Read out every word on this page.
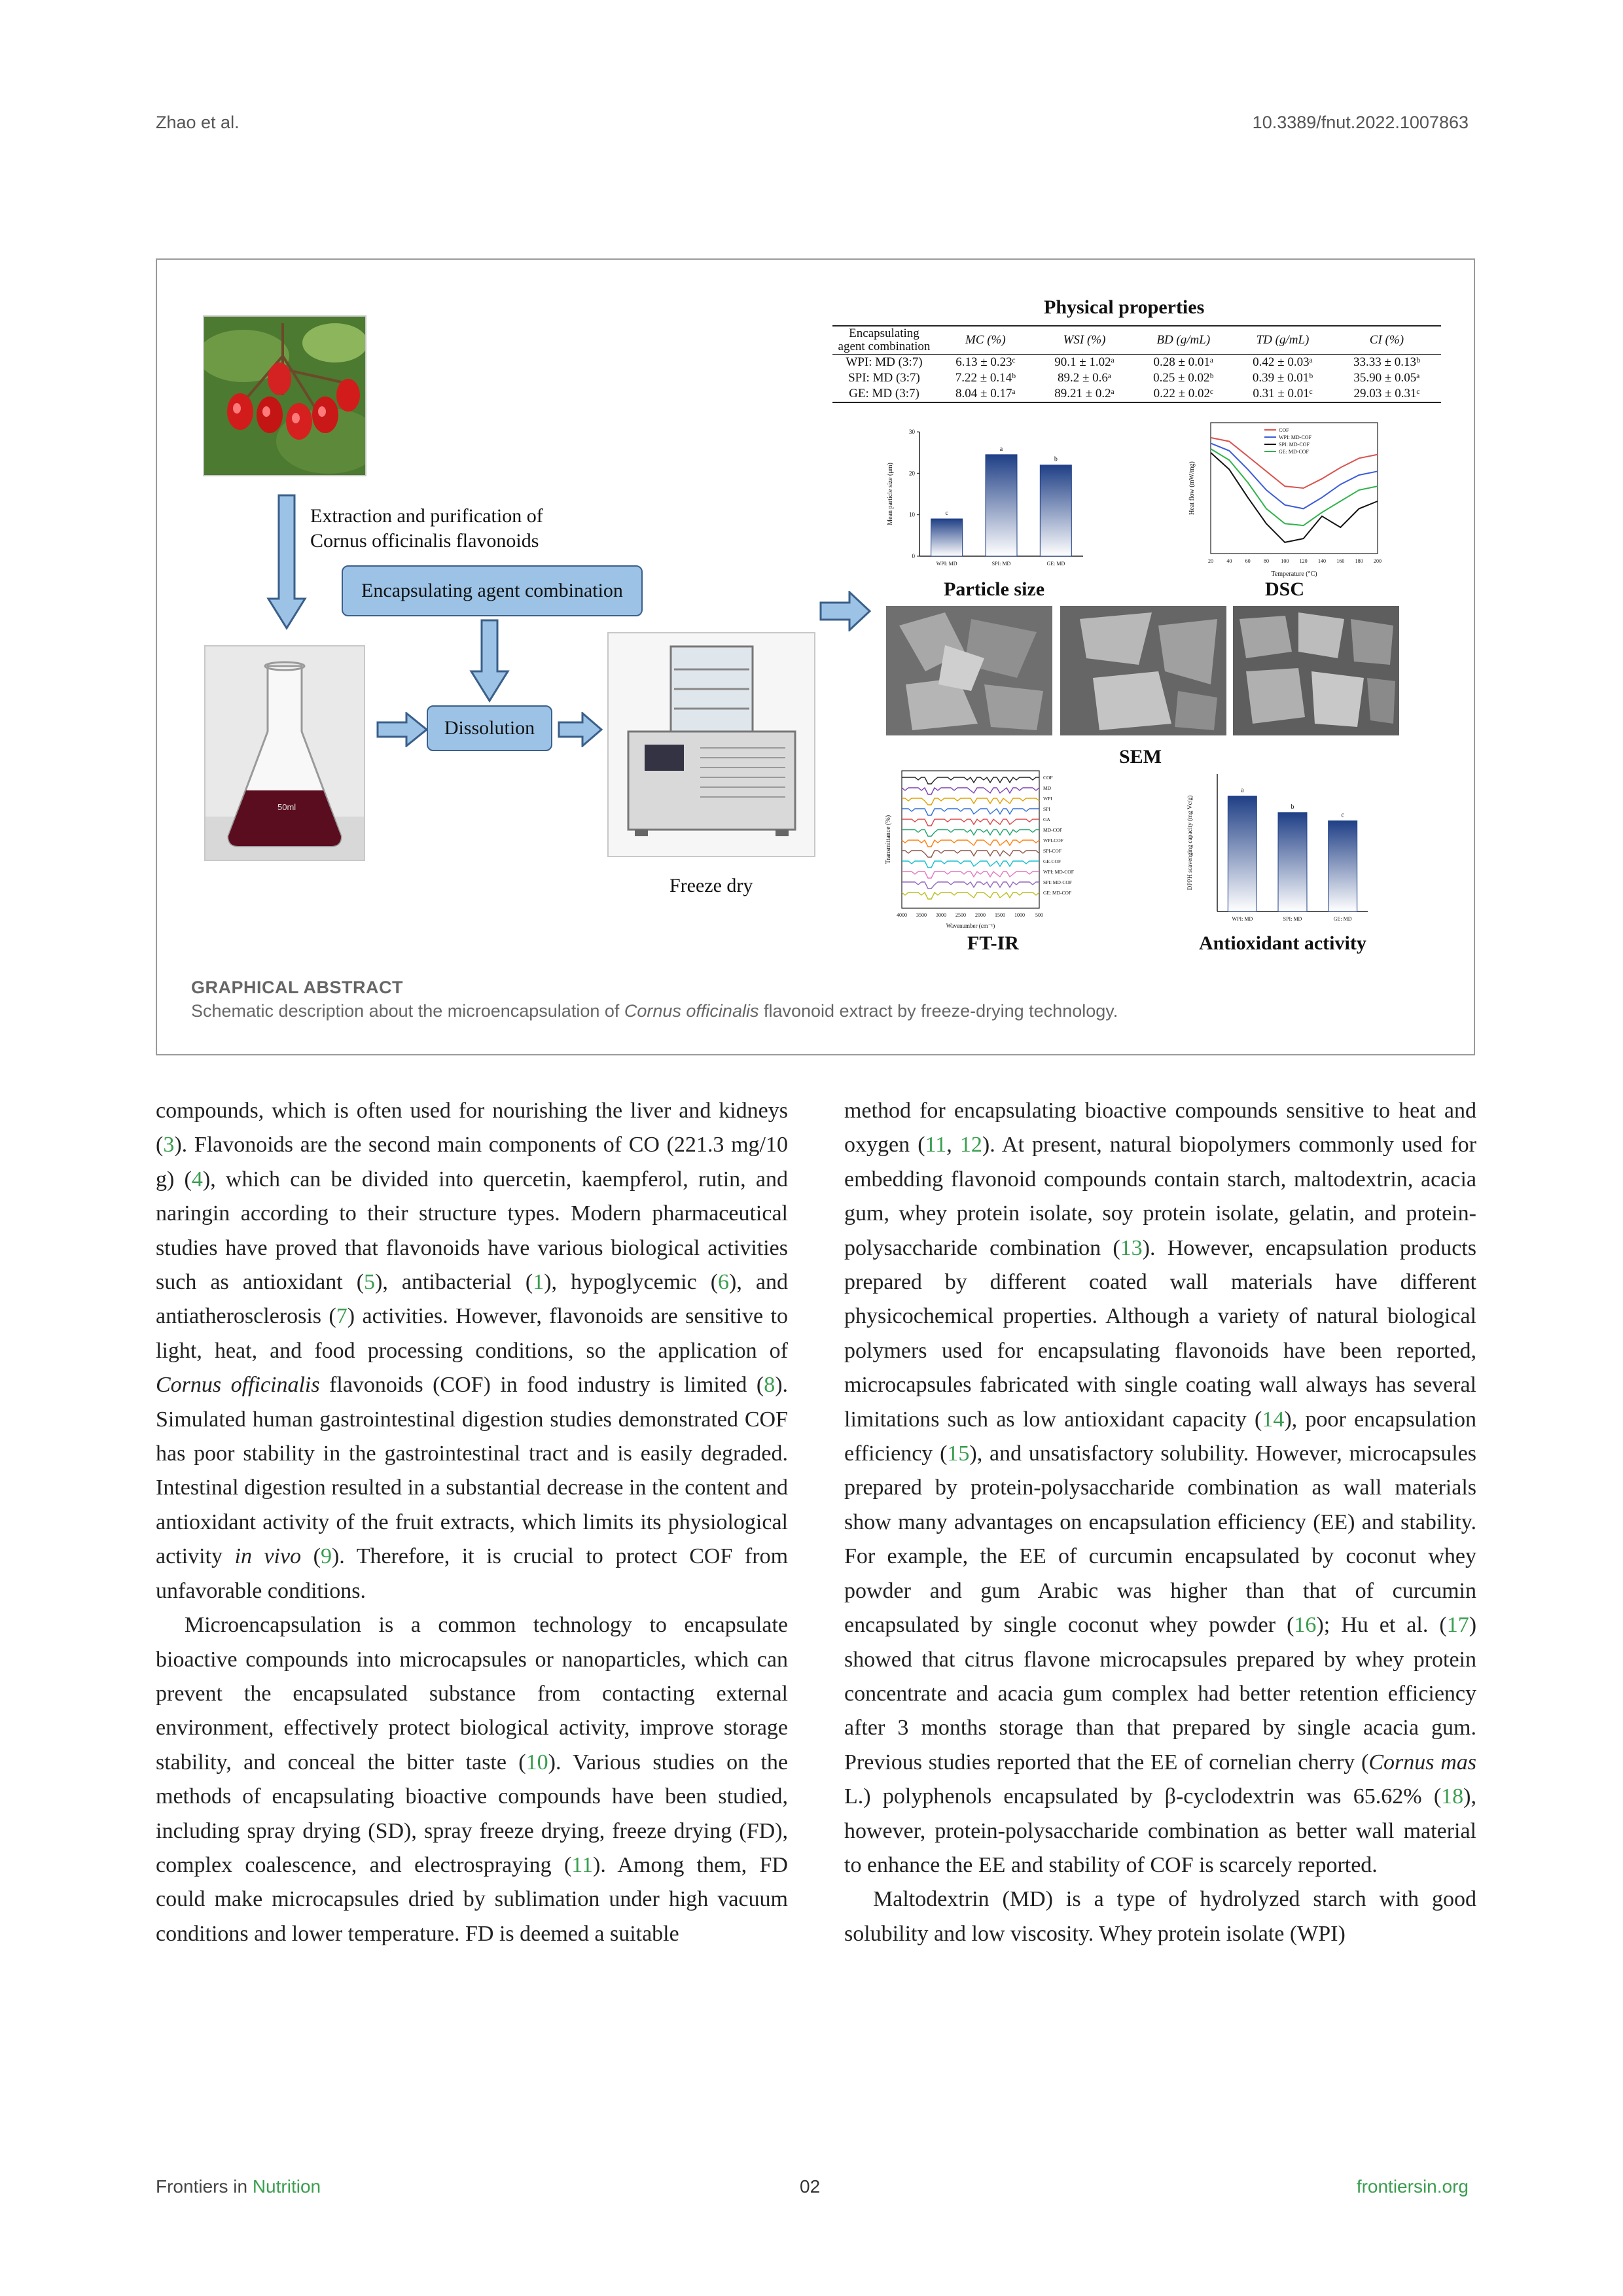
Zhao et al.	10.3389/fnut.2022.1007863
50ml
Extraction and purification of
Cornus officinalis flavonoids
Encapsulating agent combination
Dissolution
Freeze dry
Physical properties
Encapsulating agent combination	MC (%)	WSI (%)	BD (g/mL)	TD (g/mL)	CI (%)
WPI: MD (3:7)	6.13 ± 0.23ᶜ	90.1 ± 1.02ᵃ	0.28 ± 0.01ᵃ	0.42 ± 0.03ᵃ	33.33 ± 0.13ᵇ
SPI: MD (3:7)	7.22 ± 0.14ᵇ	89.2 ± 0.6ᵃ	0.25 ± 0.02ᵇ	0.39 ± 0.01ᵇ	35.90 ± 0.05ᵃ
GE: MD (3:7)	8.04 ± 0.17ᵃ	89.21 ± 0.2ᵃ	0.22 ± 0.02ᶜ	0.31 ± 0.01ᶜ	29.03 ± 0.31ᶜ
Mean particle size (μm)
0
10
20
30
c
WPI: MD
a
SPI: MD
b
GE: MD
Particle size
Heat flow (mW/mg)
Temperature (°C)
20	40	60	80 100 120 140 160 180 200
COF
WPI: MD-COF
SPI: MD-COF
GE: MD-COF
DSC
SEM
Transmittance (%)
Wavenumber (cm⁻¹)
4000 3500 3000 2500 2000 1500 1000 500
COF
MD
WPI
SPI
GA
MD-COF
WPI-COF
SPI-COF
GE-COF
WPI: MD-COF
SPI: MD-COF
GE: MD-COF
FT-IR
DPPH scavenging capacity (mg Vc/g)
a
WPI: MD
b
SPI: MD
c
GE: MD
Antioxidant activity
GRAPHICAL ABSTRACT
Schematic description about the microencapsulation of Cornus officinalis flavonoid extract by freeze-drying technology.

compounds, which is often used for nourishing the liver and kidneys (3). Flavonoids are the second main components of CO (221.3 mg/10 g) (4), which can be divided into quercetin, kaempferol, rutin, and naringin according to their structure types. Modern pharmaceutical studies have proved that flavonoids have various biological activities such as antioxidant (5), antibacterial (1), hypoglycemic (6), and antiatherosclerosis (7) activities. However, flavonoids are sensitive to light, heat, and food processing conditions, so the application of Cornus officinalis flavonoids (COF) in food industry is limited (8). Simulated human gastrointestinal digestion studies demonstrated COF has poor stability in the gastrointestinal tract and is easily degraded. Intestinal digestion resulted in a substantial decrease in the content and antioxidant activity of the fruit extracts, which limits its physiological activity in vivo (9). Therefore, it is crucial to protect COF from unfavorable conditions.

Microencapsulation is a common technology to encapsulate bioactive compounds into microcapsules or nanoparticles, which can prevent the encapsulated substance from contacting external environment, effectively protect biological activity, improve storage stability, and conceal the bitter taste (10). Various studies on the methods of encapsulating bioactive compounds have been studied, including spray drying (SD), spray freeze drying, freeze drying (FD), complex coalescence, and electrospraying (11). Among them, FD could make microcapsules dried by sublimation under high vacuum conditions and lower temperature. FD is deemed a suitable

method for encapsulating bioactive compounds sensitive to heat and oxygen (11, 12). At present, natural biopolymers commonly used for embedding flavonoid compounds contain starch, maltodextrin, acacia gum, whey protein isolate, soy protein isolate, gelatin, and protein-polysaccharide combination (13). However, encapsulation products prepared by different coated wall materials have different physicochemical properties. Although a variety of natural biological polymers used for encapsulating flavonoids have been reported, microcapsules fabricated with single coating wall always has several limitations such as low antioxidant capacity (14), poor encapsulation efficiency (15), and unsatisfactory solubility. However, microcapsules prepared by protein-polysaccharide combination as wall materials show many advantages on encapsulation efficiency (EE) and stability. For example, the EE of curcumin encapsulated by coconut whey powder and gum Arabic was higher than that of curcumin encapsulated by single coconut whey powder (16); Hu et al. (17) showed that citrus flavone microcapsules prepared by whey protein concentrate and acacia gum complex had better retention efficiency after 3 months storage than that prepared by single acacia gum. Previous studies reported that the EE of cornelian cherry (Cornus mas L.) polyphenols encapsulated by β-cyclodextrin was 65.62% (18), however, protein-polysaccharide combination as better wall material to enhance the EE and stability of COF is scarcely reported.

Maltodextrin (MD) is a type of hydrolyzed starch with good solubility and low viscosity. Whey protein isolate (WPI)

Frontiers in Nutrition	02	frontiersin.org
